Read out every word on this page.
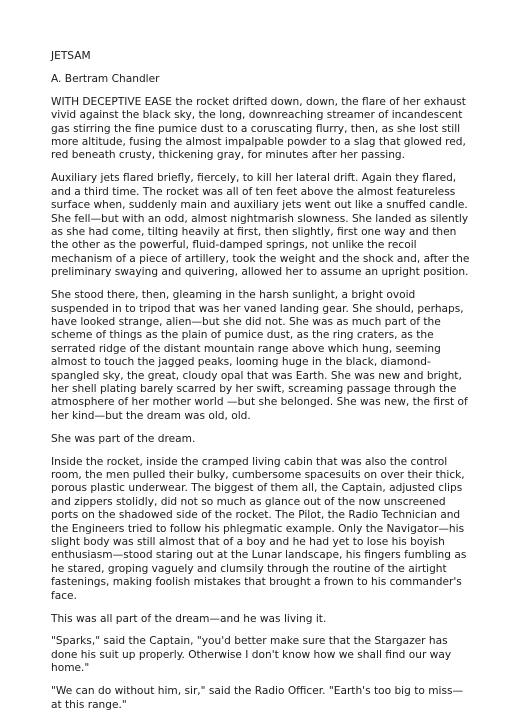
JETSAM

A. Bertram Chandler

WITH DECEPTIVE EASE the rocket drifted down, down, the flare of her exhaust vivid against the black sky, the long, downreaching streamer of incandescent gas stirring the fine pumice dust to a coruscating flurry, then, as she lost still more altitude, fusing the almost impalpable powder to a slag that glowed red, red beneath crusty, thickening gray, for minutes after her passing.

Auxiliary jets flared briefly, fiercely, to kill her lateral drift. Again they flared, and a third time. The rocket was all of ten feet above the almost featureless surface when, suddenly main and auxiliary jets went out like a snuffed candle. She fell—but with an odd, almost nightmarish slowness. She landed as silently as she had come, tilting heavily at first, then slightly, first one way and then the other as the powerful, fluid-damped springs, not unlike the recoil mechanism of a piece of artillery, took the weight and the shock and, after the preliminary swaying and quivering, allowed her to assume an upright position.

She stood there, then, gleaming in the harsh sunlight, a bright ovoid suspended in to tripod that was her vaned landing gear. She should, perhaps, have looked strange, alien—but she did not. She was as much part of the scheme of things as the plain of pumice dust, as the ring craters, as the serrated ridge of the distant mountain range above which hung, seeming almost to touch the jagged peaks, looming huge in the black, diamond-spangled sky, the great, cloudy opal that was Earth. She was new and bright, her shell plating barely scarred by her swift, screaming passage through the atmosphere of her mother world —but she belonged. She was new, the first of her kind—but the dream was old, old.

She was part of the dream.

Inside the rocket, inside the cramped living cabin that was also the control room, the men pulled their bulky, cumbersome spacesuits on over their thick, porous plastic underwear. The biggest of them all, the Captain, adjusted clips and zippers stolidly, did not so much as glance out of the now unscreened ports on the shadowed side of the rocket. The Pilot, the Radio Technician and the Engineers tried to follow his phlegmatic example. Only the Navigator—his slight body was still almost that of a boy and he had yet to lose his boyish enthusiasm—stood staring out at the Lunar landscape, his fingers fumbling as he stared, groping vaguely and clumsily through the routine of the airtight fastenings, making foolish mistakes that brought a frown to his commander's face.

This was all part of the dream—and he was living it.

"Sparks," said the Captain, "you'd better make sure that the Stargazer has done his suit up properly. Otherwise I don't know how we shall find our way home."

"We can do without him, sir," said the Radio Officer. "Earth's too big to miss—at this range."
